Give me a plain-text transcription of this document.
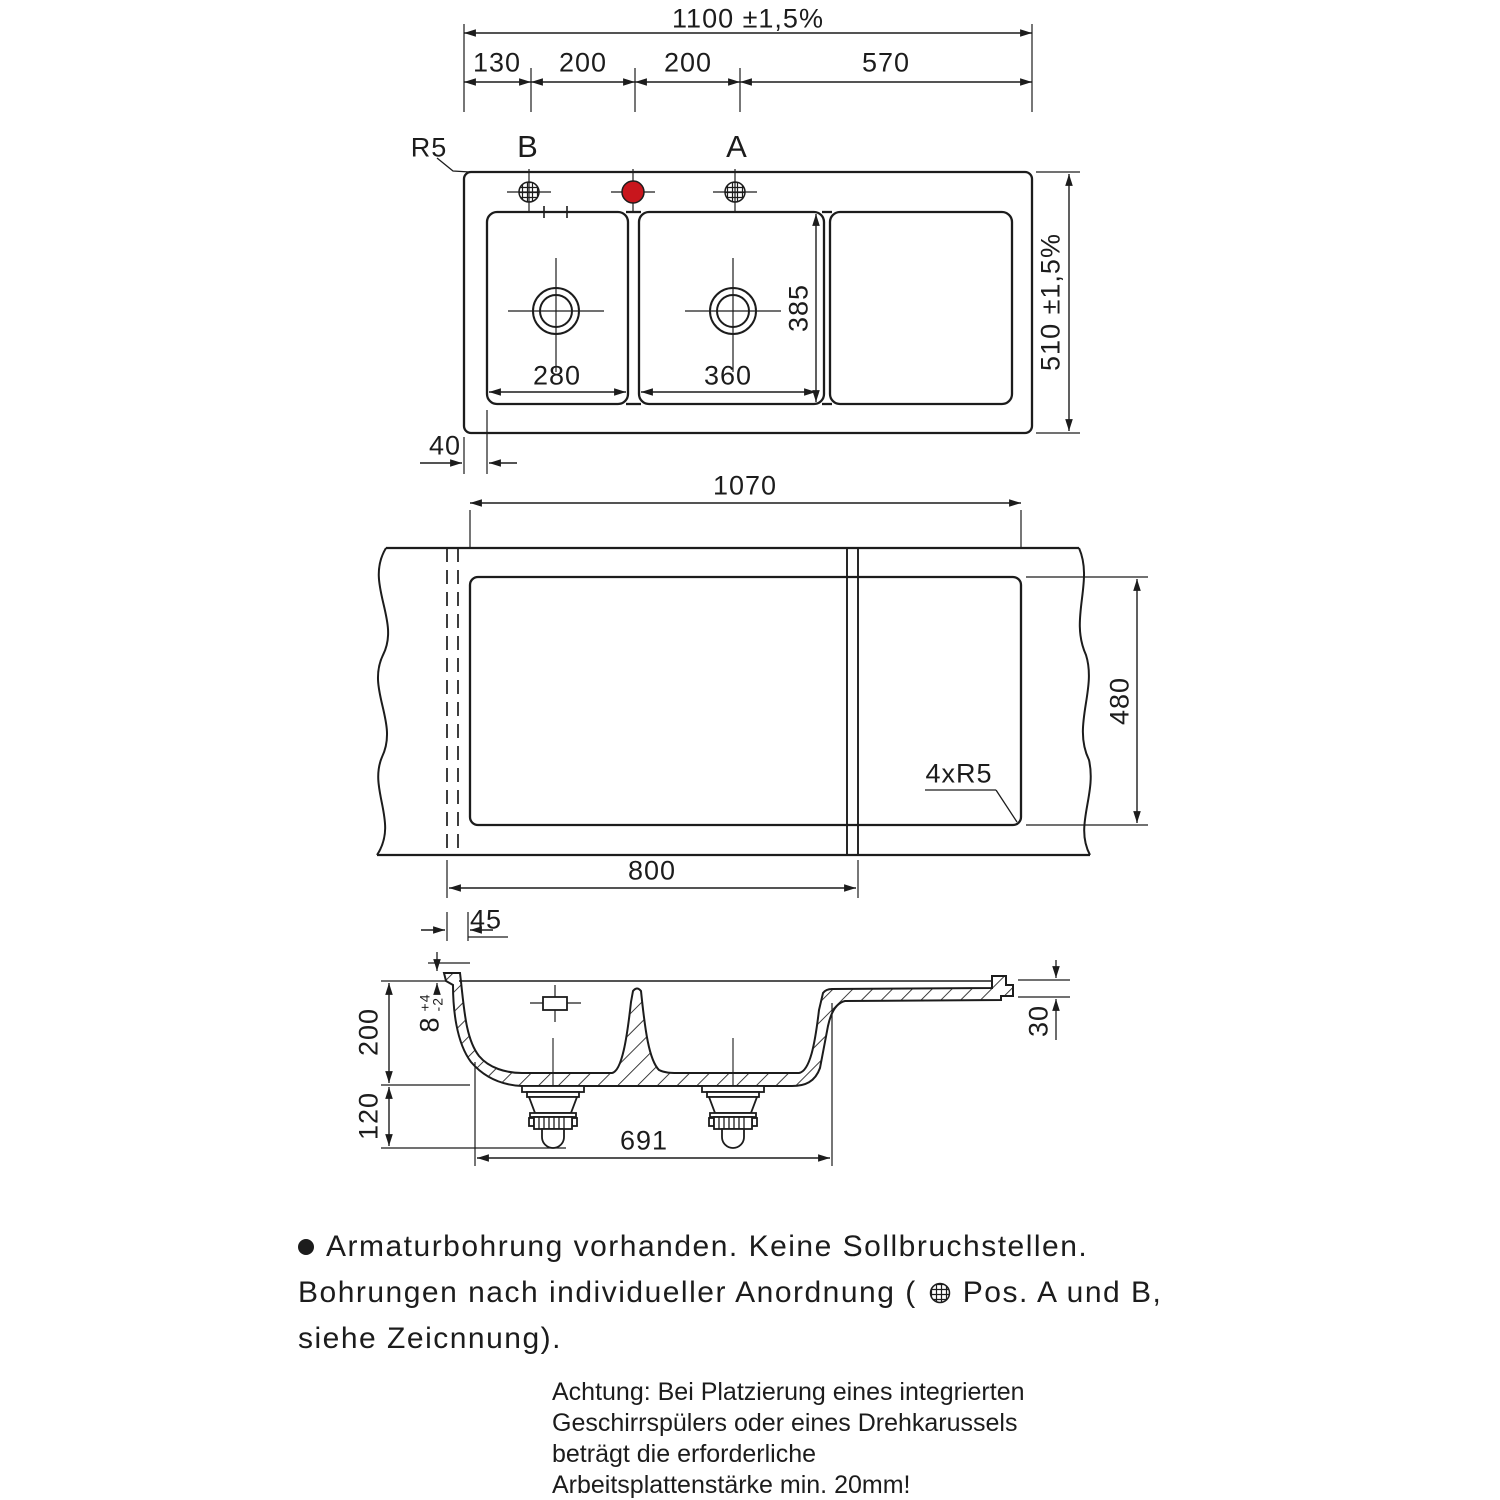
1100 ±1,5%
130 200 200	570
R5 B	A
280	360
385	510 ±1,5%
40
1070
480
4xR5
800
45
200
120
8
+4
-2
30
691
Armaturbohrung vorhanden. Keine Sollbruchstellen.
Bohrungen nach individueller Anordnung ( Pos. A und B,
siehe Zeicnnung).
Achtung: Bei Platzierung eines integrierten
Geschirrspülers oder eines Drehkarussels
beträgt die erforderliche
Arbeitsplattenstärke min. 20mm!
